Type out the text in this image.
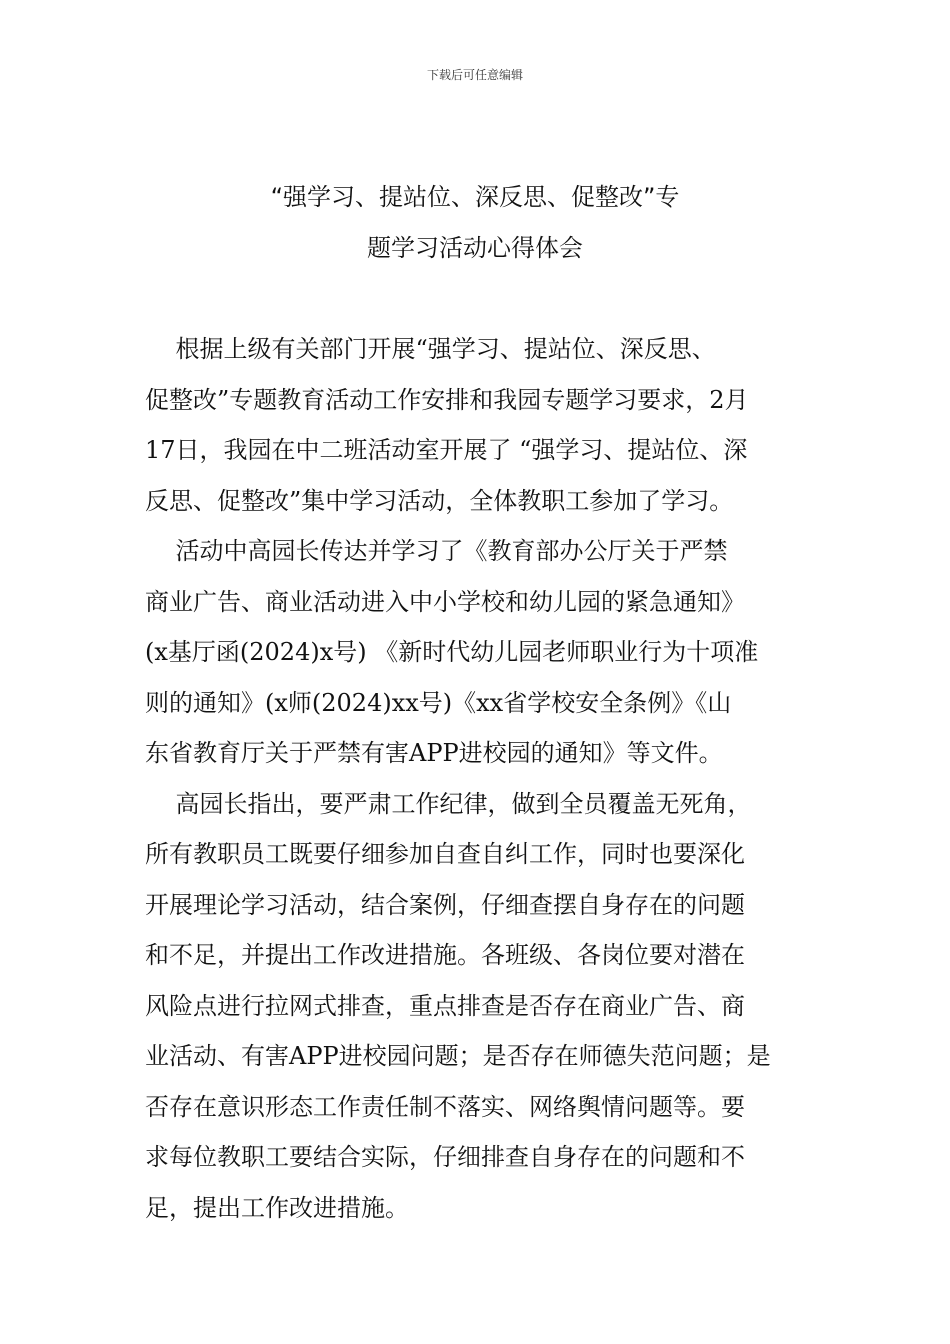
下载后可任意编辑
“强学习、提站位、深反思、促整改”专
题学习活动心得体会
根据上级有关部门开展“强学习、提站位、深反思、
促整改”专题教育活动工作安排和我园专题学习要求，2月
17日，我园在中二班活动室开展了 “强学习、提站位、深
反思、促整改”集中学习活动，全体教职工参加了学习。
活动中高园长传达并学习了《教育部办公厅关于严禁
商业广告、商业活动进入中小学校和幼儿园的紧急通知》
(x基厅函(2024)x号) 《新时代幼儿园老师职业行为十项准
则的通知》(x师(2024)xx号)《xx省学校安全条例》《山
东省教育厅关于严禁有害APP进校园的通知》等文件。
高园长指出，要严肃工作纪律，做到全员覆盖无死角，
所有教职员工既要仔细参加自查自纠工作，同时也要深化
开展理论学习活动，结合案例，仔细查摆自身存在的问题
和不足，并提出工作改进措施。各班级、各岗位要对潜在
风险点进行拉网式排查，重点排查是否存在商业广告、商
业活动、有害APP进校园问题；是否存在师德失范问题；是
否存在意识形态工作责任制不落实、网络舆情问题等。要
求每位教职工要结合实际，仔细排查自身存在的问题和不
足，提出工作改进措施。
